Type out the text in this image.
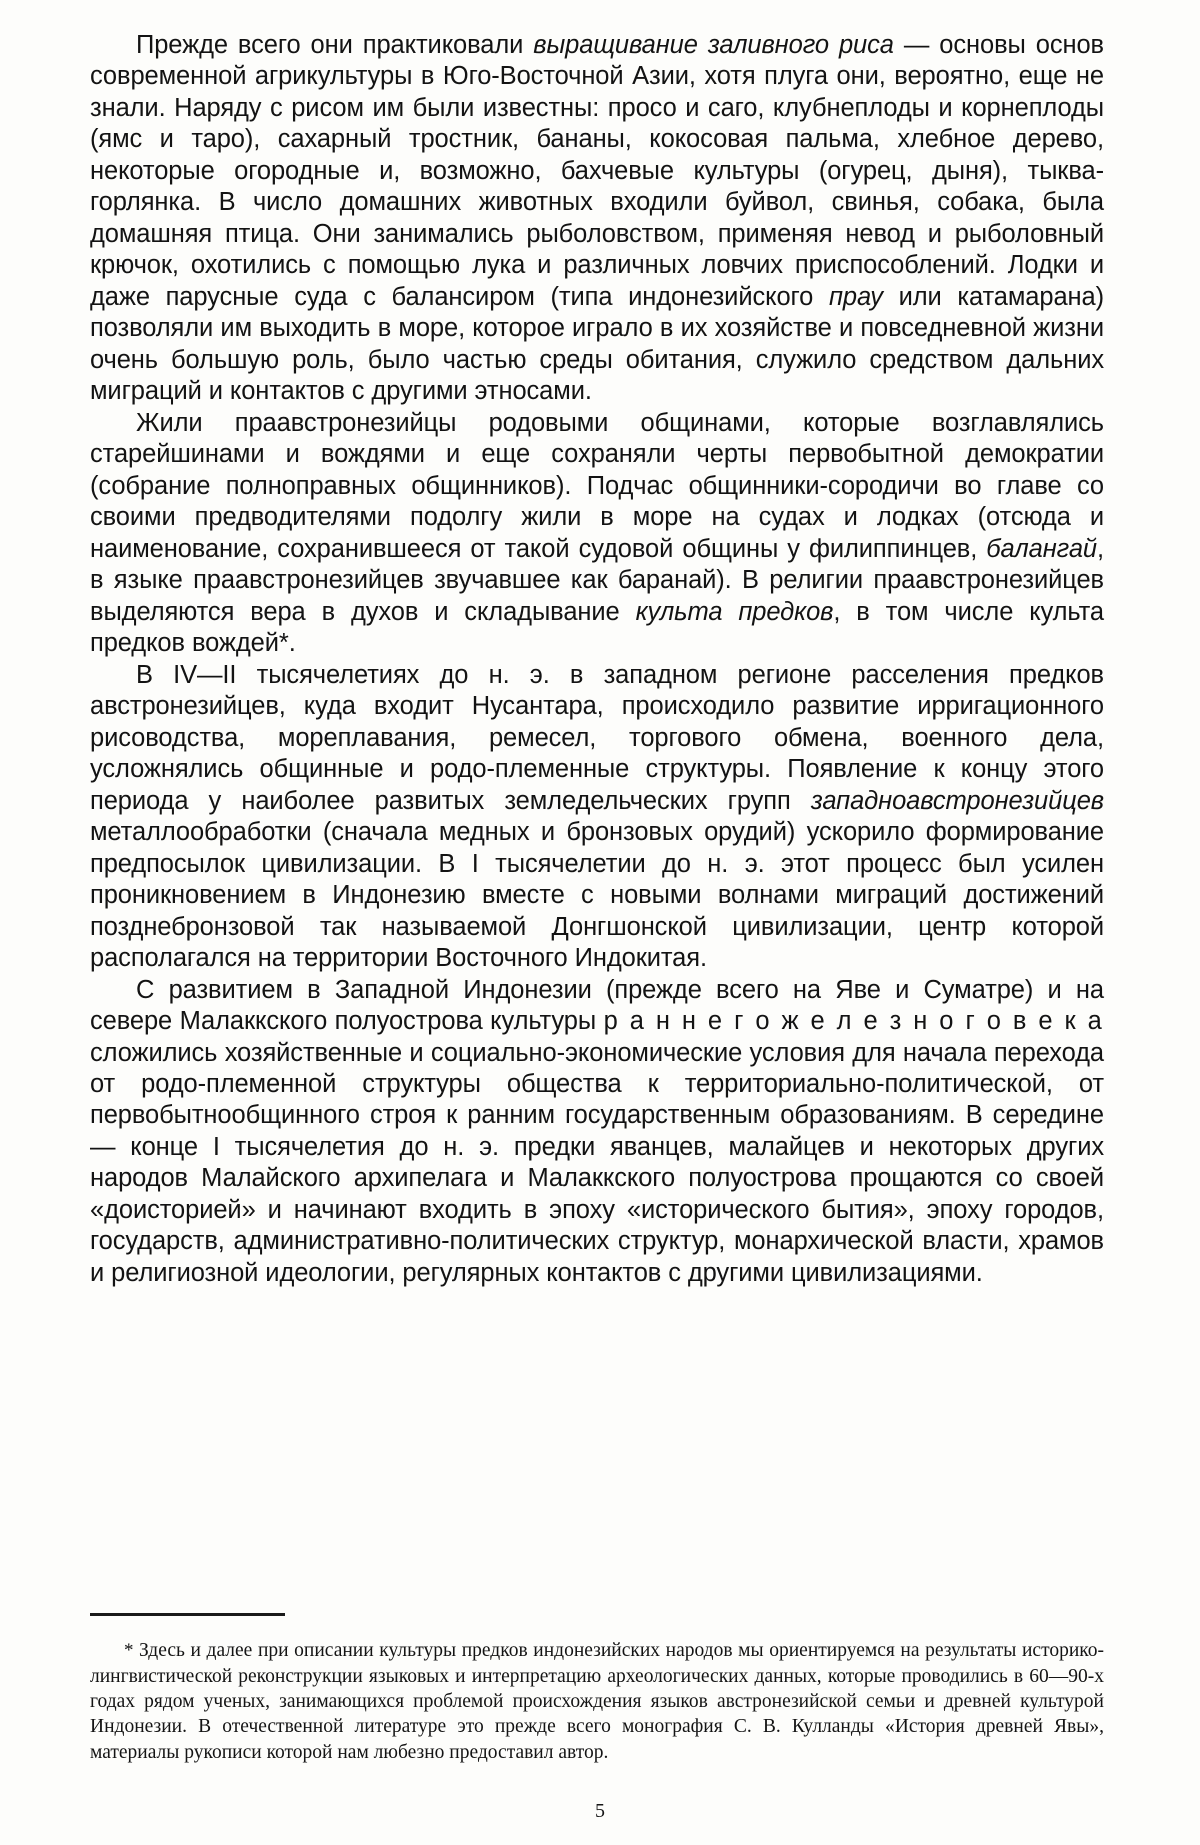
Прежде всего они практиковали выращивание заливного риса — основы основ современной агрикультуры в Юго-Восточной Азии, хотя плуга они, вероятно, еще не знали. Наряду с рисом им были известны: просо и саго, клубнеплоды и корнеплоды (ямс и таро), сахарный тростник, бананы, кокосовая пальма, хлебное дерево, некоторые огородные и, возможно, бахчевые культуры (огурец, дыня), тыква-горлянка. В число домашних животных входили буйвол, свинья, собака, была домашняя птица. Они занимались рыболовством, применяя невод и рыболовный крючок, охотились с помощью лука и различных ловчих приспособлений. Лодки и даже парусные суда с балансиром (типа индонезийского прау или катамарана) позволяли им выходить в море, которое играло в их хозяйстве и повседневной жизни очень большую роль, было частью среды обитания, служило средством дальних миграций и контактов с другими этносами.

Жили праавстронезийцы родовыми общинами, которые возглавлялись старейшинами и вождями и еще сохраняли черты первобытной демократии (собрание полноправных общинников). Подчас общинники-сородичи во главе со своими предводителями подолгу жили в море на судах и лодках (отсюда и наименование, сохранившееся от такой судовой общины у филиппинцев, балангай, в языке праавстронезийцев звучавшее как баранай). В религии праавстронезийцев выделяются вера в духов и складывание культа предков, в том числе культа предков вождей*.

В IV—II тысячелетиях до н. э. в западном регионе расселения предков австронезийцев, куда входит Нусантара, происходило развитие ирригационного рисоводства, мореплавания, ремесел, торгового обмена, военного дела, усложнялись общинные и родо-племенные структуры. Появление к концу этого периода у наиболее развитых земледельческих групп западноавстронезийцев металлообработки (сначала медных и бронзовых орудий) ускорило формирование предпосылок цивилизации. В I тысячелетии до н. э. этот процесс был усилен проникновением в Индонезию вместе с новыми волнами миграций достижений позднебронзовой так называемой Донгшонской цивилизации, центр которой располагался на территории Восточного Индокитая.

С развитием в Западной Индонезии (прежде всего на Яве и Суматре) и на севере Малаккского полуострова культуры р а н н е г о ж е л е з н о г о в е к а сложились хозяйственные и социально-экономические условия для начала перехода от родо-племенной структуры общества к территориально-политической, от первобытнообщинного строя к ранним государственным образованиям. В середине — конце I тысячелетия до н. э. предки яванцев, малайцев и некоторых других народов Малайского архипелага и Малаккского полуострова прощаются со своей «доисторией» и начинают входить в эпоху «исторического бытия», эпоху городов, государств, административно-политических структур, монархической власти, храмов и религиозной идеологии, регулярных контактов с другими цивилизациями.

* Здесь и далее при описании культуры предков индонезийских народов мы ориентируемся на результаты историко-лингвистической реконструкции языковых и интерпретацию археологических данных, которые проводились в 60—90-х годах рядом ученых, занимающихся проблемой происхождения языков австронезийской семьи и древней культурой Индонезии. В отечественной литературе это прежде всего монография С. В. Кулланды «История древней Явы», материалы рукописи которой нам любезно предоставил автор.

5
